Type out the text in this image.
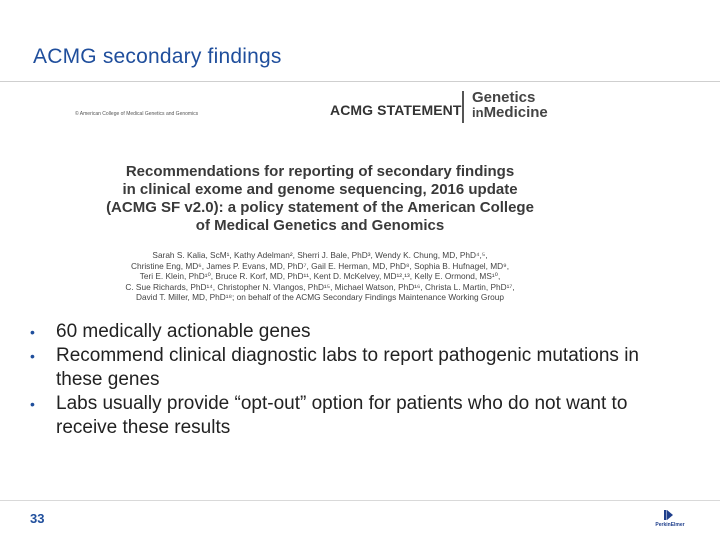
ACMG secondary findings
© American College of Medical Genetics and Genomics	ACMG STATEMENT
Genetics
inMedicine
Recommendations for reporting of secondary findings
in clinical exome and genome sequencing, 2016 update
(ACMG SF v2.0): a policy statement of the American College
of Medical Genetics and Genomics
Sarah S. Kalia, ScM¹, Kathy Adelman², Sherri J. Bale, PhD³, Wendy K. Chung, MD, PhD⁴,⁵,
Christine Eng, MD⁶, James P. Evans, MD, PhD⁷, Gail E. Herman, MD, PhD⁸, Sophia B. Hufnagel, MD⁹,
Teri E. Klein, PhD¹⁰, Bruce R. Korf, MD, PhD¹¹, Kent D. McKelvey, MD¹²,¹³, Kelly E. Ormond, MS¹⁰,
C. Sue Richards, PhD¹⁴, Christopher N. Vlangos, PhD¹⁵, Michael Watson, PhD¹⁶, Christa L. Martin, PhD¹⁷,
David T. Miller, MD, PhD¹⁸; on behalf of the ACMG Secondary Findings Maintenance Working Group
• 60 medically actionable genes
• Recommend clinical diagnostic labs to report pathogenic mutations in these genes
• Labs usually provide “opt-out” option for patients who do not want to receive these results
33	PerkinElmer
